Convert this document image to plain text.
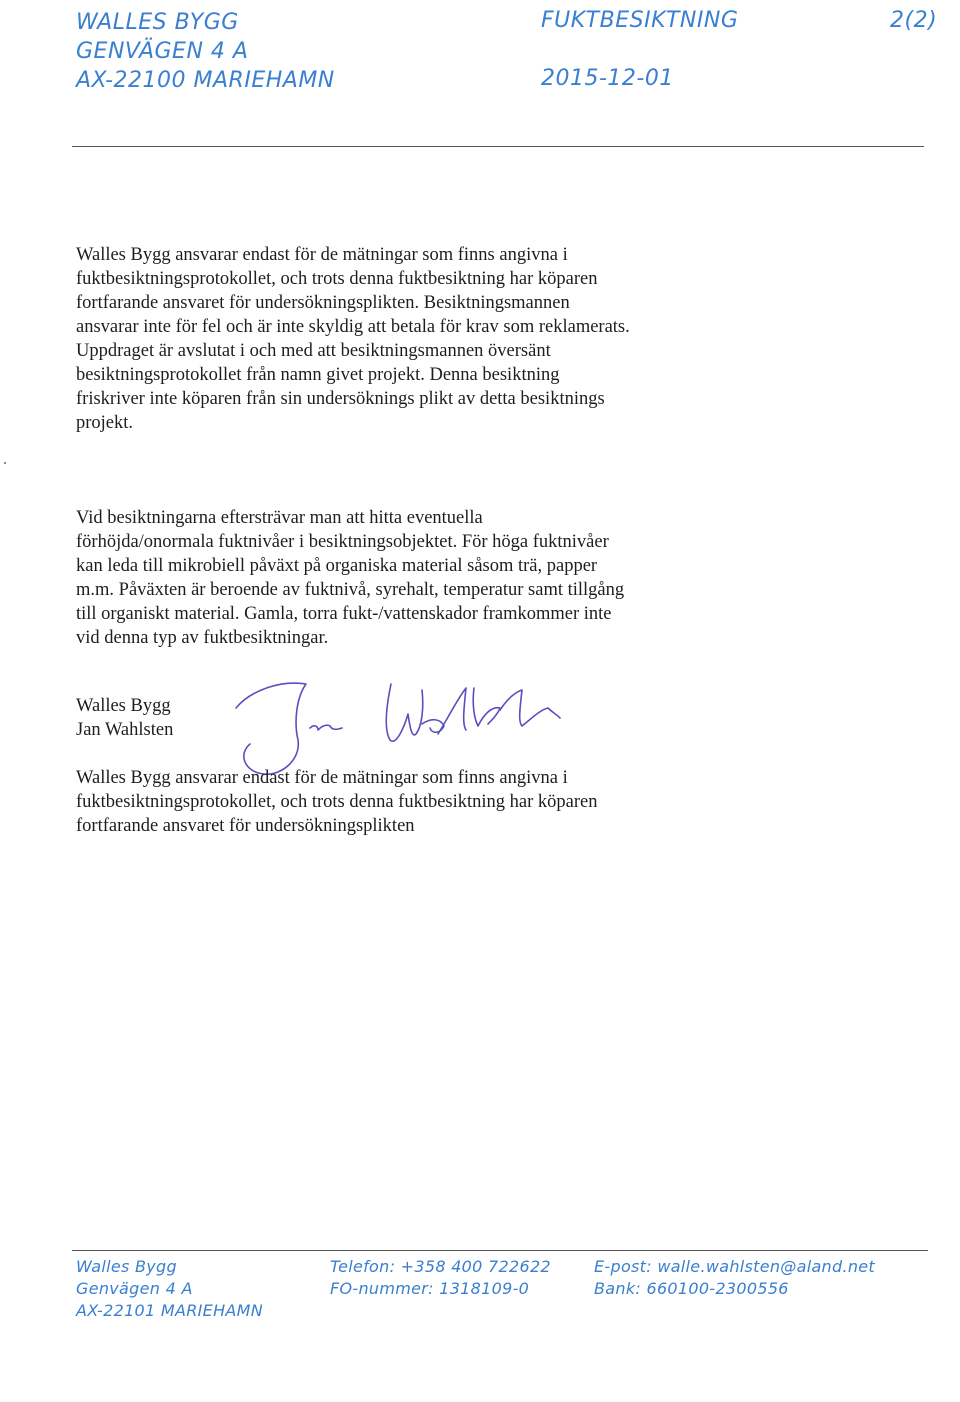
WALLES BYGG
GENVÄGEN 4 A
AX-22100 MARIEHAMN
FUKTBESIKTNING	2(2)
2015-12-01

Walles Bygg ansvarar endast för de mätningar som finns angivna i
fuktbesiktningsprotokollet, och trots denna fuktbesiktning har köparen
fortfarande ansvaret för undersökningsplikten. Besiktningsmannen
ansvarar inte för fel och är inte skyldig att betala för krav som reklamerats.
Uppdraget är avslutat i och med att besiktningsmannen översänt
besiktningsprotokollet från namn givet projekt. Denna besiktning
friskriver inte köparen från sin undersöknings plikt av detta besiktnings
projekt.

Vid besiktningarna eftersträvar man att hitta eventuella
förhöjda/onormala fuktnivåer i besiktningsobjektet. För höga fuktnivåer
kan leda till mikrobiell påväxt på organiska material såsom trä, papper
m.m. Påväxten är beroende av fuktnivå, syrehalt, temperatur samt tillgång
till organiskt material. Gamla, torra fukt-/vattenskador framkommer inte
vid denna typ av fuktbesiktningar.

Walles Bygg
Jan Wahlsten

Walles Bygg ansvarar endast för de mätningar som finns angivna i
fuktbesiktningsprotokollet, och trots denna fuktbesiktning har köparen
fortfarande ansvaret för undersökningsplikten

Walles Bygg
Genvägen 4 A
AX-22101 MARIEHAMN
Telefon: +358 400 722622
FO-nummer: 1318109-0
E-post: walle.wahlsten@aland.net
Bank: 660100-2300556
